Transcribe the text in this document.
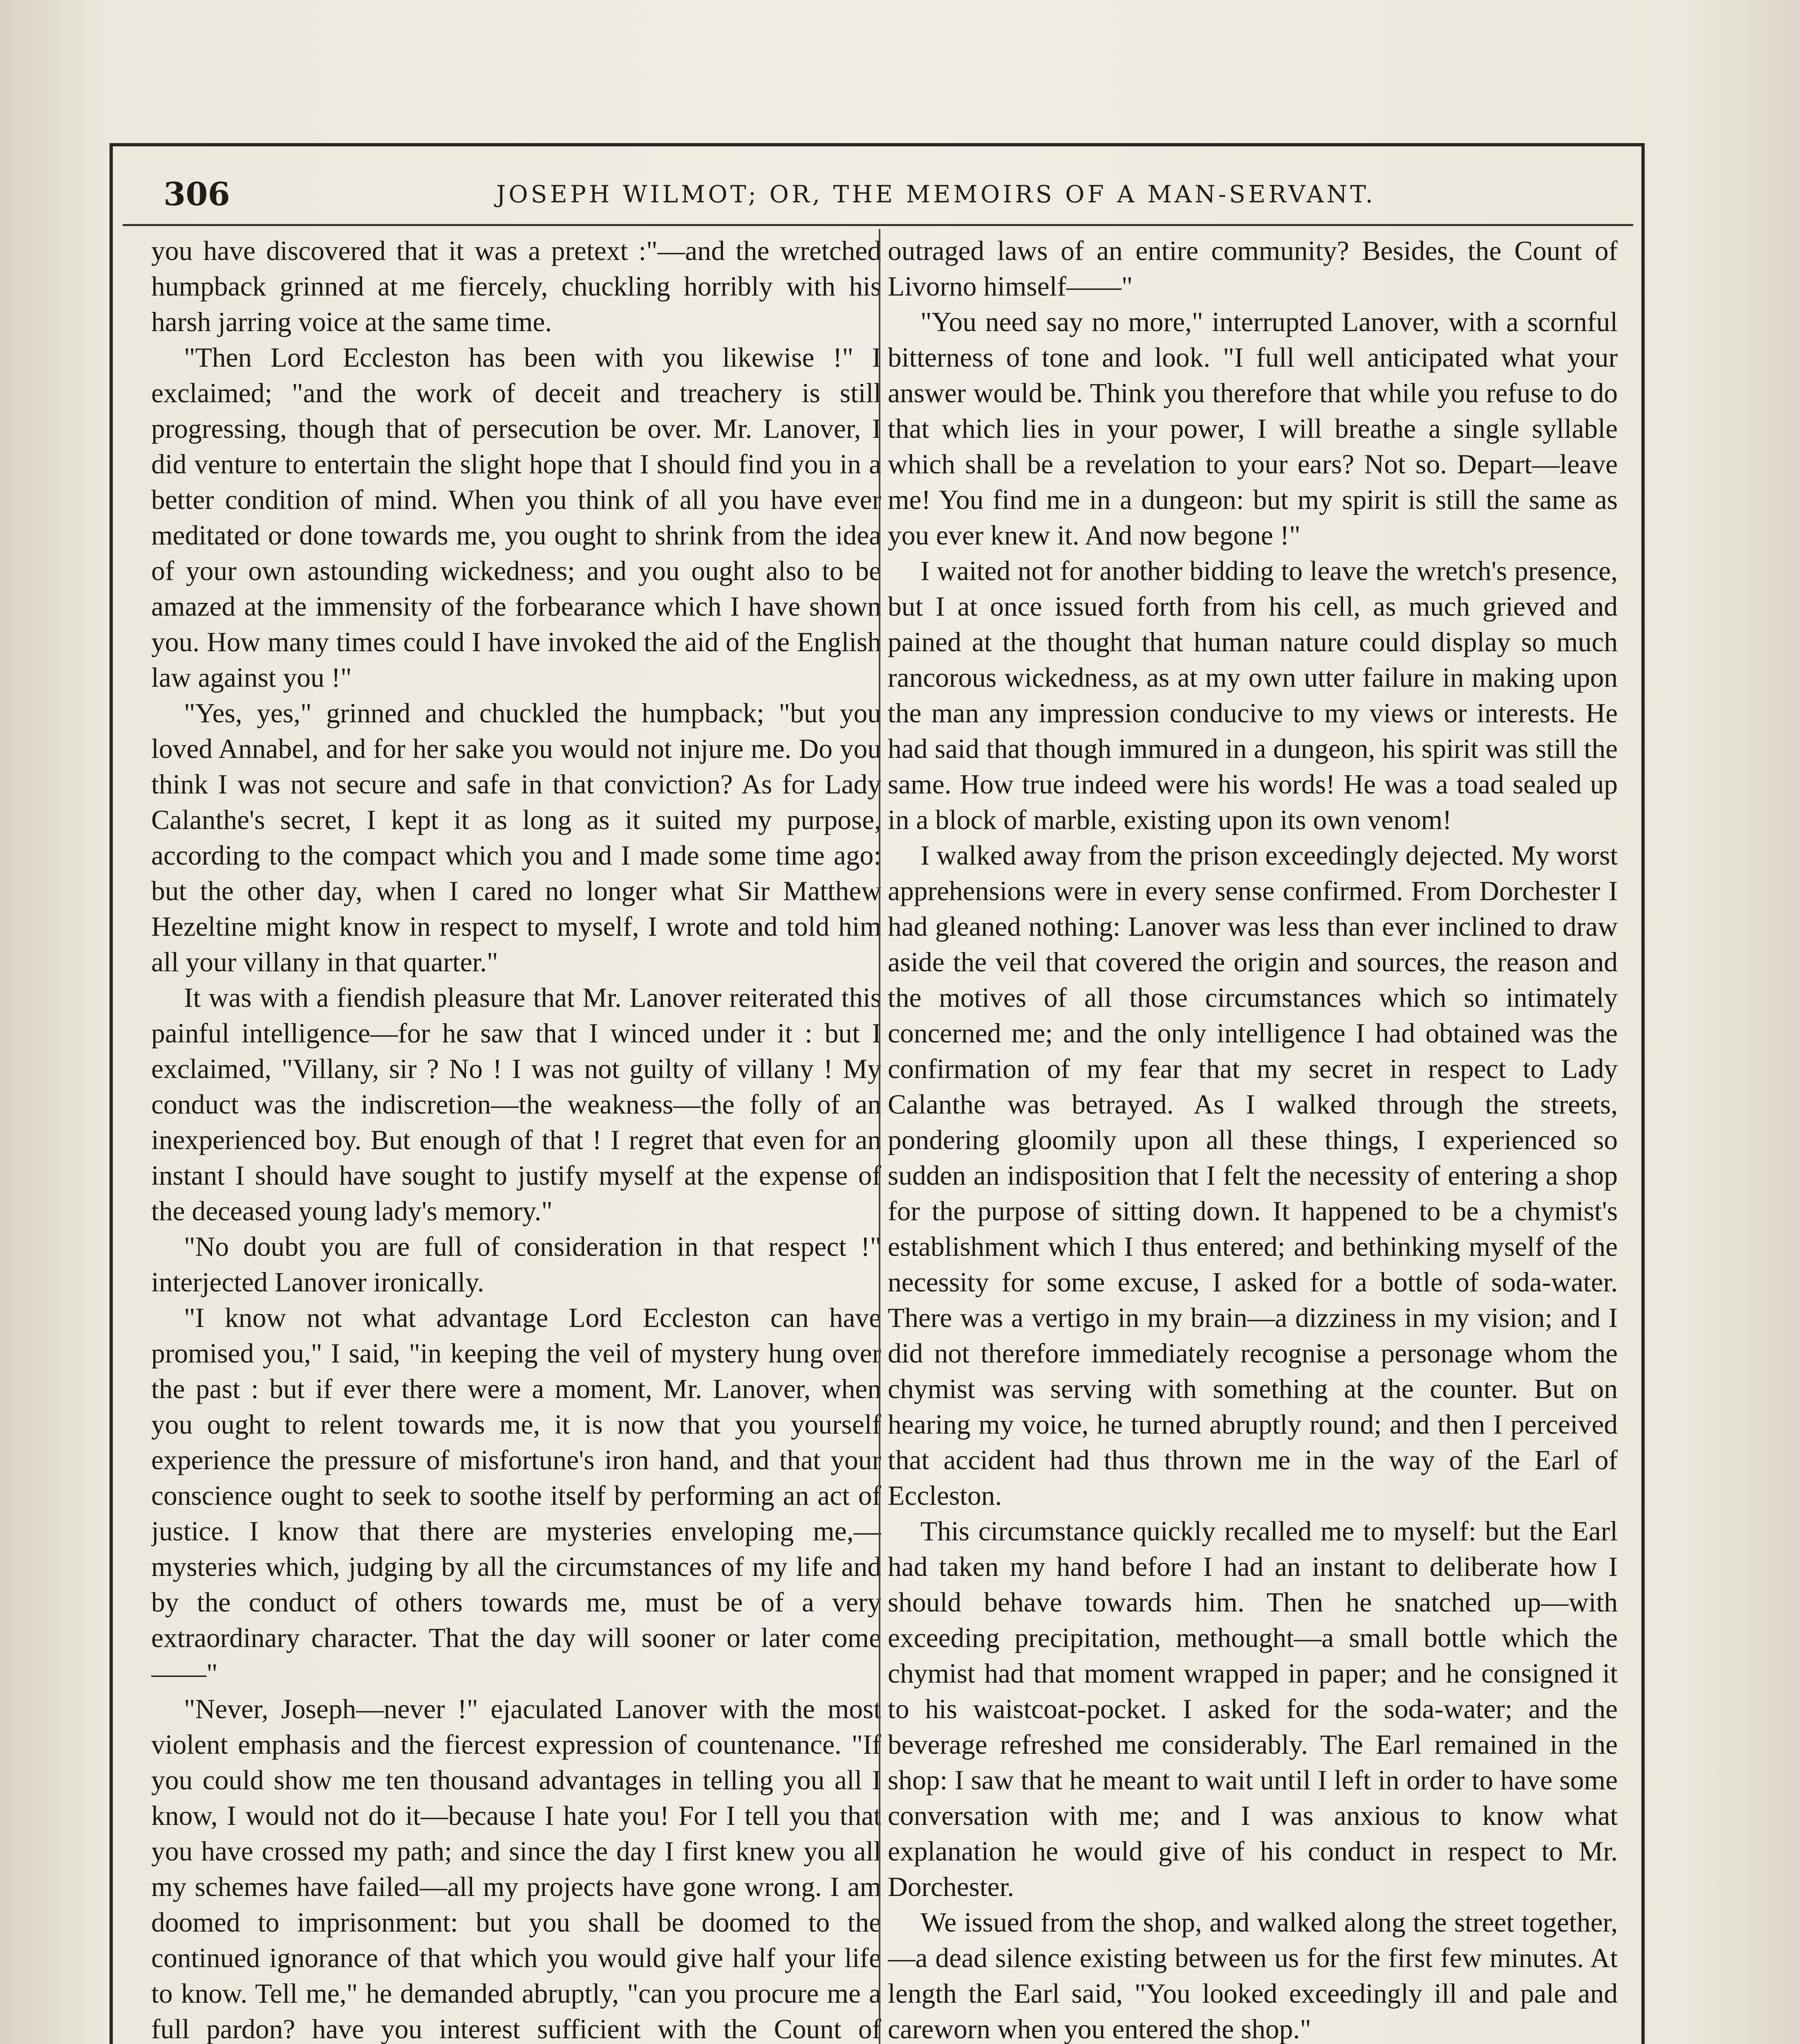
306	JOSEPH WILMOT; OR, THE MEMOIRS OF A MAN-SERVANT.

you have discovered that it was a pretext :"—and the wretched humpback grinned at me fiercely, chuckling horribly with his harsh jarring voice at the same time.

"Then Lord Eccleston has been with you likewise !" I exclaimed; "and the work of deceit and treachery is still progressing, though that of persecution be over. Mr. Lanover, I did venture to entertain the slight hope that I should find you in a better condition of mind. When you think of all you have ever meditated or done towards me, you ought to shrink from the idea of your own astounding wickedness; and you ought also to be amazed at the immensity of the forbearance which I have shown you. How many times could I have invoked the aid of the English law against you !"

"Yes, yes," grinned and chuckled the humpback; "but you loved Annabel, and for her sake you would not injure me. Do you think I was not secure and safe in that conviction? As for Lady Calanthe's secret, I kept it as long as it suited my purpose, according to the compact which you and I made some time ago: but the other day, when I cared no longer what Sir Matthew Hezeltine might know in respect to myself, I wrote and told him all your villany in that quarter."

It was with a fiendish pleasure that Mr. Lanover reiterated this painful intelligence—for he saw that I winced under it : but I exclaimed, "Villany, sir ? No ! I was not guilty of villany ! My conduct was the indiscretion—the weakness—the folly of an inexperienced boy. But enough of that ! I regret that even for an instant I should have sought to justify myself at the expense of the deceased young lady's memory."

"No doubt you are full of consideration in that respect !" interjected Lanover ironically.

"I know not what advantage Lord Eccleston can have promised you," I said, "in keeping the veil of mystery hung over the past : but if ever there were a moment, Mr. Lanover, when you ought to relent towards me, it is now that you yourself experience the pressure of misfortune's iron hand, and that your conscience ought to seek to soothe itself by performing an act of justice. I know that there are mysteries enveloping me,—mysteries which, judging by all the circumstances of my life and by the conduct of others towards me, must be of a very extraordinary character. That the day will sooner or later come——"

"Never, Joseph—never !" ejaculated Lanover with the most violent emphasis and the fiercest expression of countenance. "If you could show me ten thousand advantages in telling you all I know, I would not do it—because I hate you! For I tell you that you have crossed my path; and since the day I first knew you all my schemes have failed—all my projects have gone wrong. I am doomed to imprisonment: but you shall be doomed to the continued ignorance of that which you would give half your life to know. Tell me," he demanded abruptly, "can you procure me a full pardon? have you interest sufficient with the Count of

outraged laws of an entire community? Besides, the Count of Livorno himself——"

"You need say no more," interrupted Lanover, with a scornful bitterness of tone and look. "I full well anticipated what your answer would be. Think you therefore that while you refuse to do that which lies in your power, I will breathe a single syllable which shall be a revelation to your ears? Not so. Depart—leave me! You find me in a dungeon: but my spirit is still the same as you ever knew it. And now begone !"

I waited not for another bidding to leave the wretch's presence, but I at once issued forth from his cell, as much grieved and pained at the thought that human nature could display so much rancorous wickedness, as at my own utter failure in making upon the man any impression conducive to my views or interests. He had said that though immured in a dungeon, his spirit was still the same. How true indeed were his words! He was a toad sealed up in a block of marble, existing upon its own venom!

I walked away from the prison exceedingly dejected. My worst apprehensions were in every sense confirmed. From Dorchester I had gleaned nothing: Lanover was less than ever inclined to draw aside the veil that covered the origin and sources, the reason and the motives of all those circumstances which so intimately concerned me; and the only intelligence I had obtained was the confirmation of my fear that my secret in respect to Lady Calanthe was betrayed. As I walked through the streets, pondering gloomily upon all these things, I experienced so sudden an indisposition that I felt the necessity of entering a shop for the purpose of sitting down. It happened to be a chymist's establishment which I thus entered; and bethinking myself of the necessity for some excuse, I asked for a bottle of soda-water. There was a vertigo in my brain—a dizziness in my vision; and I did not therefore immediately recognise a personage whom the chymist was serving with something at the counter. But on hearing my voice, he turned abruptly round; and then I perceived that accident had thus thrown me in the way of the Earl of Eccleston.

This circumstance quickly recalled me to myself: but the Earl had taken my hand before I had an instant to deliberate how I should behave towards him. Then he snatched up—with exceeding precipitation, methought—a small bottle which the chymist had that moment wrapped in paper; and he consigned it to his waistcoat-pocket. I asked for the soda-water; and the beverage refreshed me considerably. The Earl remained in the shop: I saw that he meant to wait until I left in order to have some conversation with me; and I was anxious to know what explanation he would give of his conduct in respect to Mr. Dorchester.

We issued from the shop, and walked along the street together,—a dead silence existing between us for the first few minutes. At length the Earl said, "You looked exceedingly ill and pale and careworn when you entered the shop."
